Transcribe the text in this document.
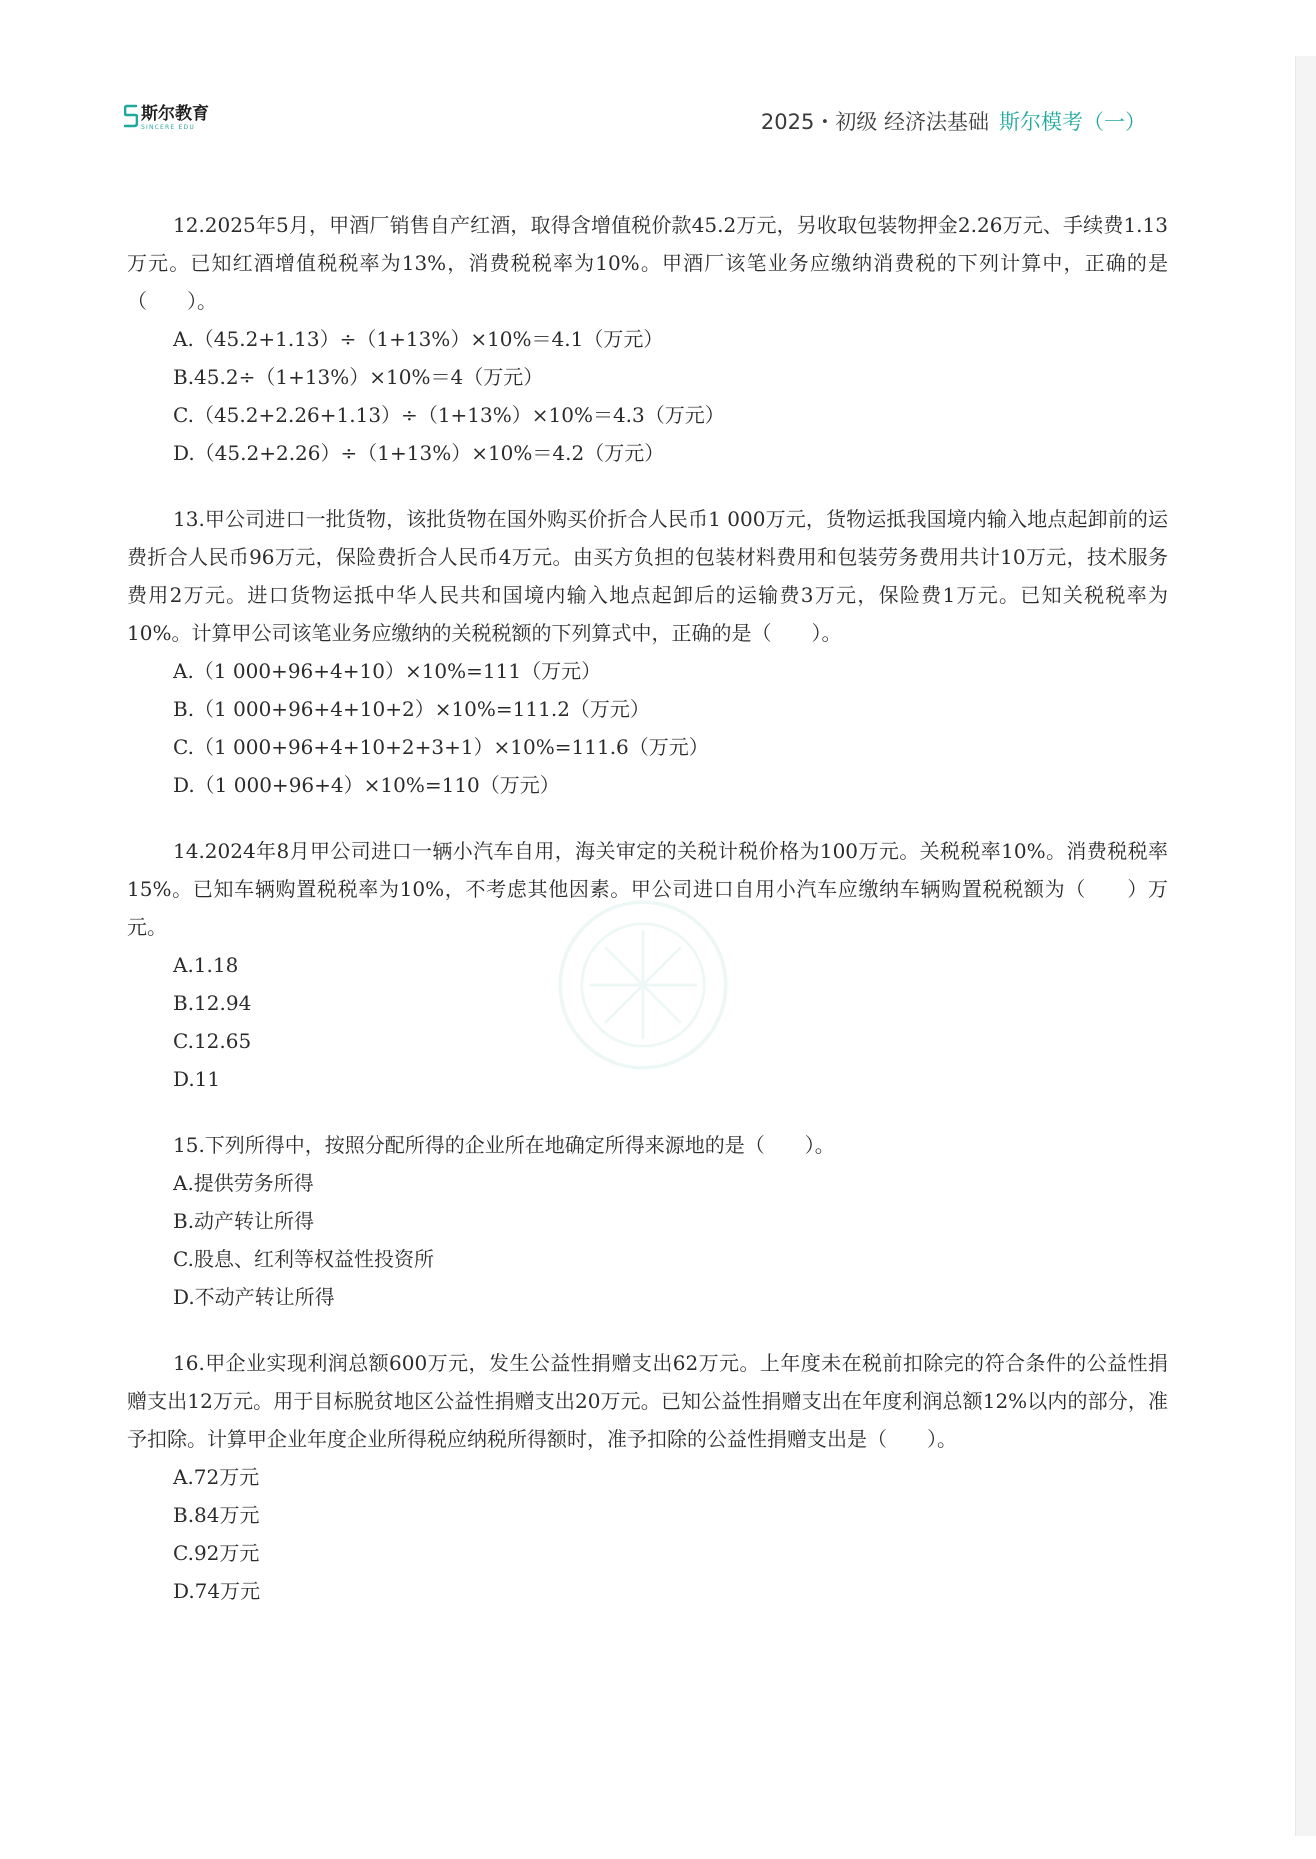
斯尔教育
SINCERE EDU	2025・初级 经济法基础 斯尔模考（一）

12.2025年5月，甲酒厂销售自产红酒，取得含增值税价款45.2万元，另收取包装物押金2.26万元、手续费1.13万元。已知红酒增值税税率为13%，消费税税率为10%。甲酒厂该笔业务应缴纳消费税的下列计算中，正确的是（　　）。

A.（45.2+1.13）÷（1+13%）×10%＝4.1（万元）

B.45.2÷（1+13%）×10%＝4（万元）

C.（45.2+2.26+1.13）÷（1+13%）×10%＝4.3（万元）

D.（45.2+2.26）÷（1+13%）×10%＝4.2（万元）

13.甲公司进口一批货物，该批货物在国外购买价折合人民币1 000万元，货物运抵我国境内输入地点起卸前的运费折合人民币96万元，保险费折合人民币4万元。由买方负担的包装材料费用和包装劳务费用共计10万元，技术服务费用2万元。进口货物运抵中华人民共和国境内输入地点起卸后的运输费3万元，保险费1万元。已知关税税率为10%。计算甲公司该笔业务应缴纳的关税税额的下列算式中，正确的是（　　）。

A.（1 000+96+4+10）×10%=111（万元）

B.（1 000+96+4+10+2）×10%=111.2（万元）

C.（1 000+96+4+10+2+3+1）×10%=111.6（万元）

D.（1 000+96+4）×10%=110（万元）

14.2024年8月甲公司进口一辆小汽车自用，海关审定的关税计税价格为100万元。关税税率10%。消费税税率15%。已知车辆购置税税率为10%，不考虑其他因素。甲公司进口自用小汽车应缴纳车辆购置税税额为（　　）万元。

A.1.18

B.12.94

C.12.65

D.11

15.下列所得中，按照分配所得的企业所在地确定所得来源地的是（　　）。

A.提供劳务所得

B.动产转让所得

C.股息、红利等权益性投资所

D.不动产转让所得

16.甲企业实现利润总额600万元，发生公益性捐赠支出62万元。上年度未在税前扣除完的符合条件的公益性捐赠支出12万元。用于目标脱贫地区公益性捐赠支出20万元。已知公益性捐赠支出在年度利润总额12%以内的部分，准予扣除。计算甲企业年度企业所得税应纳税所得额时，准予扣除的公益性捐赠支出是（　　）。

A.72万元

B.84万元

C.92万元

D.74万元
